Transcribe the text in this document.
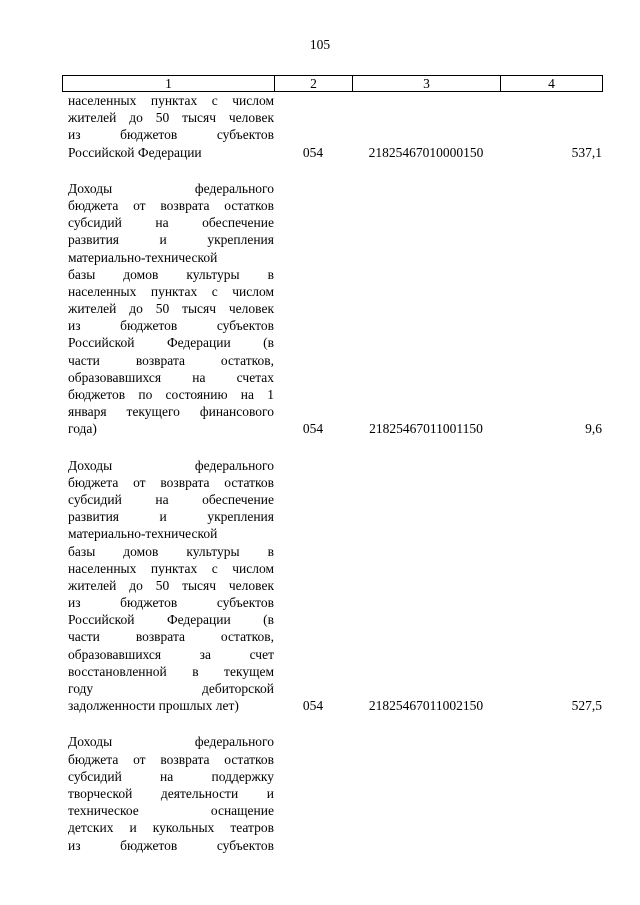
105
1	2	3	4
населенных пунктах с числом
жителей до 50 тысяч человек
из бюджетов субъектов
Российской Федерации	054	21825467010000150	537,1
Доходы федерального
бюджета от возврата остатков
субсидий на обеспечение
развития и укрепления
материально-технической
базы домов культуры в
населенных пунктах с числом
жителей до 50 тысяч человек
из бюджетов субъектов
Российской Федерации (в
части возврата остатков,
образовавшихся на счетах
бюджетов по состоянию на 1
января текущего финансового
года)	054	21825467011001150	9,6
Доходы федерального
бюджета от возврата остатков
субсидий на обеспечение
развития и укрепления
материально-технической
базы домов культуры в
населенных пунктах с числом
жителей до 50 тысяч человек
из бюджетов субъектов
Российской Федерации (в
части возврата остатков,
образовавшихся за счет
восстановленной в текущем
году дебиторской
задолженности прошлых лет)	054	21825467011002150	527,5
Доходы федерального
бюджета от возврата остатков
субсидий на поддержку
творческой деятельности и
техническое оснащение
детских и кукольных театров
из бюджетов субъектов
